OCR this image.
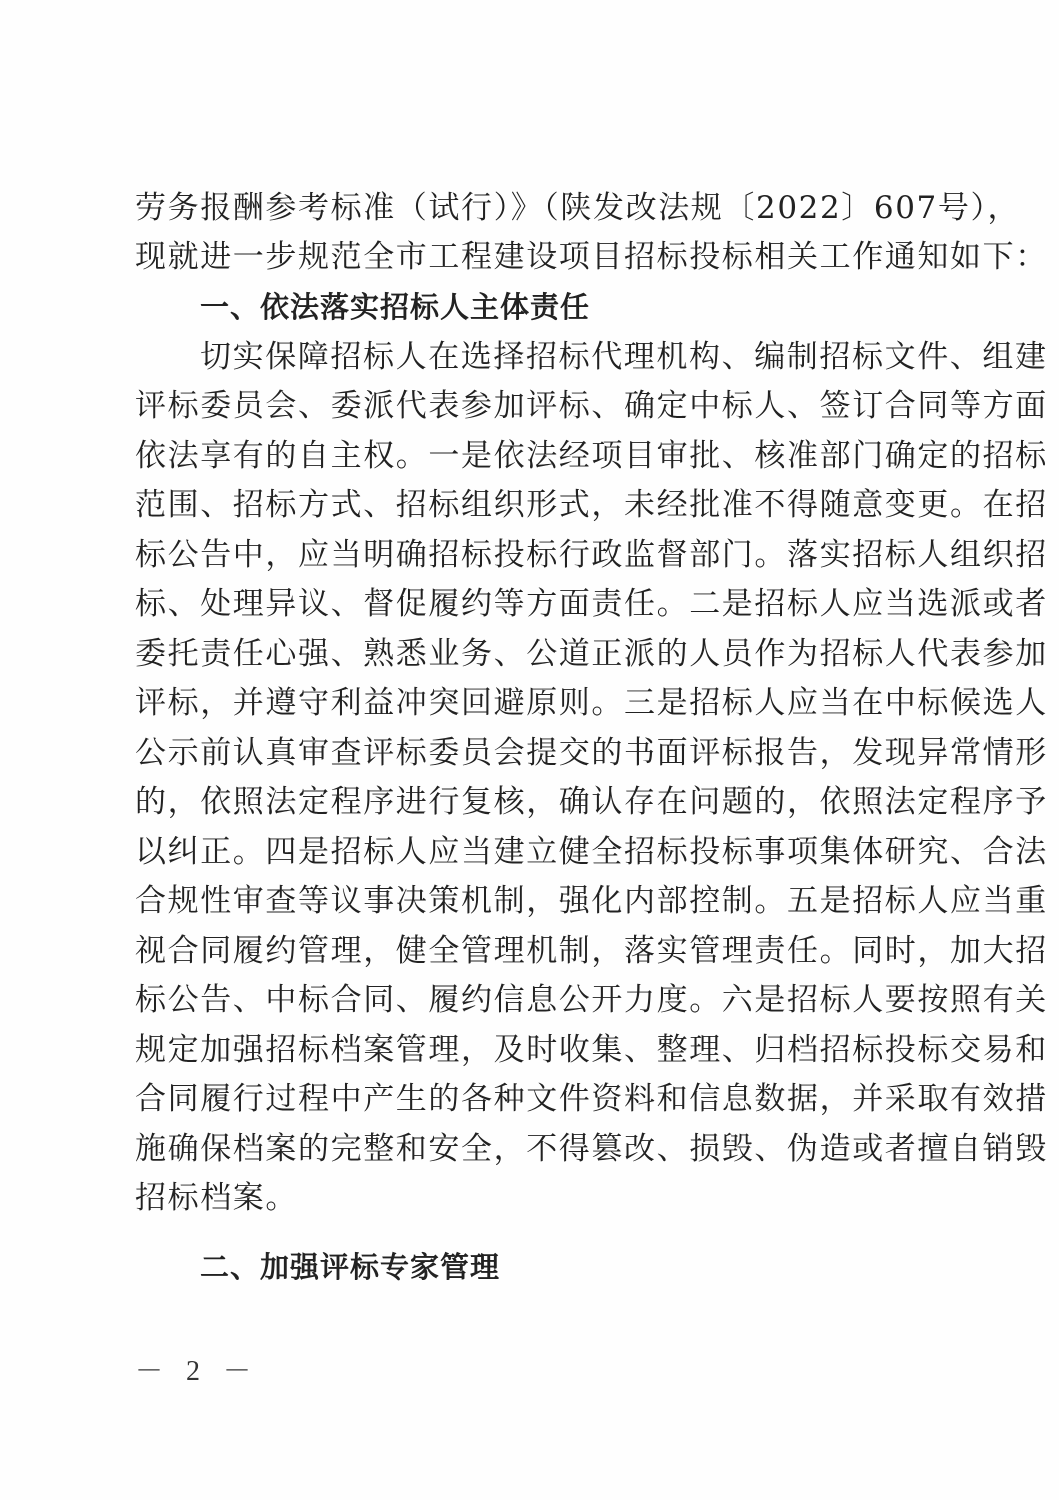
劳务报酬参考标准（试行）》（陕发改法规〔2022〕607号），
现就进一步规范全市工程建设项目招标投标相关工作通知如下：
一、依法落实招标人主体责任
切实保障招标人在选择招标代理机构、编制招标文件、组建
评标委员会、委派代表参加评标、确定中标人、签订合同等方面
依法享有的自主权。一是依法经项目审批、核准部门确定的招标
范围、招标方式、招标组织形式，未经批准不得随意变更。在招
标公告中，应当明确招标投标行政监督部门。落实招标人组织招
标、处理异议、督促履约等方面责任。二是招标人应当选派或者
委托责任心强、熟悉业务、公道正派的人员作为招标人代表参加
评标，并遵守利益冲突回避原则。三是招标人应当在中标候选人
公示前认真审查评标委员会提交的书面评标报告，发现异常情形
的，依照法定程序进行复核，确认存在问题的，依照法定程序予
以纠正。四是招标人应当建立健全招标投标事项集体研究、合法
合规性审查等议事决策机制，强化内部控制。五是招标人应当重
视合同履约管理，健全管理机制，落实管理责任。同时，加大招
标公告、中标合同、履约信息公开力度。六是招标人要按照有关
规定加强招标档案管理，及时收集、整理、归档招标投标交易和
合同履行过程中产生的各种文件资料和信息数据，并采取有效措
施确保档案的完整和安全，不得篡改、损毁、伪造或者擅自销毁
招标档案。
二、加强评标专家管理
－ 2 －
